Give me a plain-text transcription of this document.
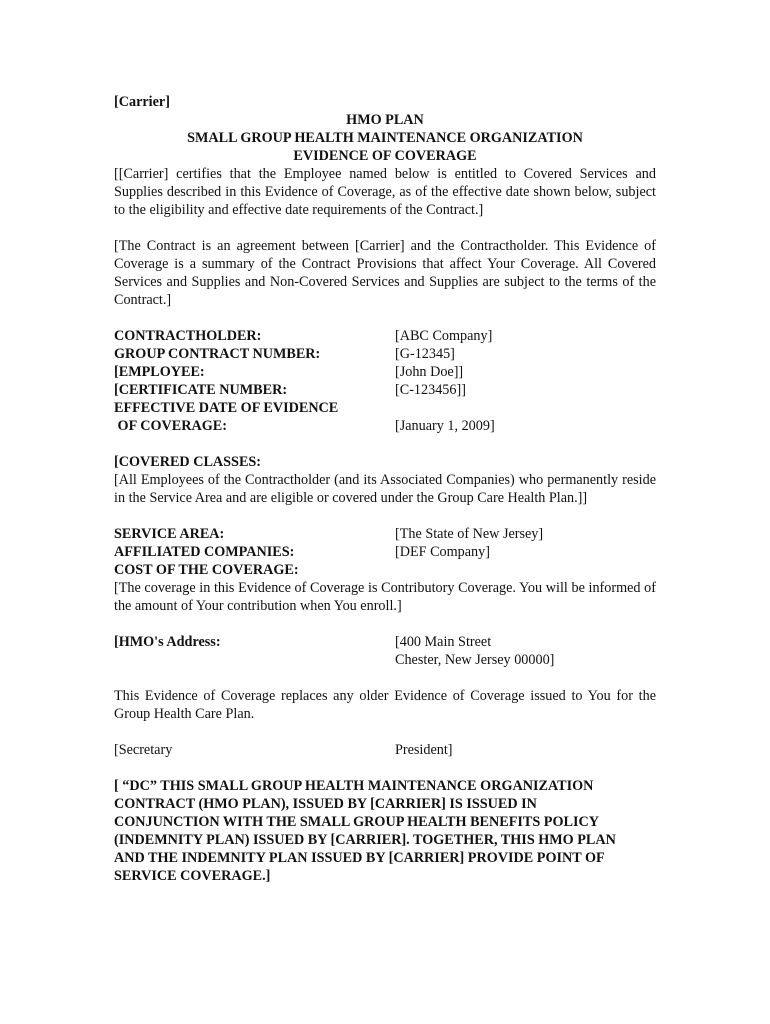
[Carrier]
HMO PLAN
SMALL GROUP HEALTH MAINTENANCE ORGANIZATION
EVIDENCE OF COVERAGE
[[Carrier] certifies that the Employee named below is entitled to Covered Services and Supplies described in this Evidence of Coverage, as of the effective date shown below, subject to the eligibility and effective date requirements of the Contract.]
[The Contract is an agreement between [Carrier] and the Contractholder. This Evidence of Coverage is a summary of the Contract Provisions that affect Your Coverage. All Covered Services and Supplies and Non-Covered Services and Supplies are subject to the terms of the Contract.]
CONTRACTHOLDER:	[ABC Company]
GROUP CONTRACT NUMBER:	[G-12345]
[EMPLOYEE:	[John Doe]]
[CERTIFICATE NUMBER:	[C-123456]]
EFFECTIVE DATE OF EVIDENCE
OF COVERAGE:	[January 1, 2009]
[COVERED CLASSES:
[All Employees of the Contractholder (and its Associated Companies) who permanently reside in the Service Area and are eligible or covered under the Group Care Health Plan.]]
SERVICE AREA:	[The State of New Jersey]
AFFILIATED COMPANIES:	[DEF Company]
COST OF THE COVERAGE:
[The coverage in this Evidence of Coverage is Contributory Coverage. You will be informed of the amount of Your contribution when You enroll.]
[HMO's Address:	[400 Main Street
Chester, New Jersey 00000]
This Evidence of Coverage replaces any older Evidence of Coverage issued to You for the Group Health Care Plan.
[Secretary	President]
[ “DC” THIS SMALL GROUP HEALTH MAINTENANCE ORGANIZATION
CONTRACT (HMO PLAN), ISSUED BY [CARRIER] IS ISSUED IN
CONJUNCTION WITH THE SMALL GROUP HEALTH BENEFITS POLICY
(INDEMNITY PLAN) ISSUED BY [CARRIER]. TOGETHER, THIS HMO PLAN
AND THE INDEMNITY PLAN ISSUED BY [CARRIER] PROVIDE POINT OF
SERVICE COVERAGE.]
